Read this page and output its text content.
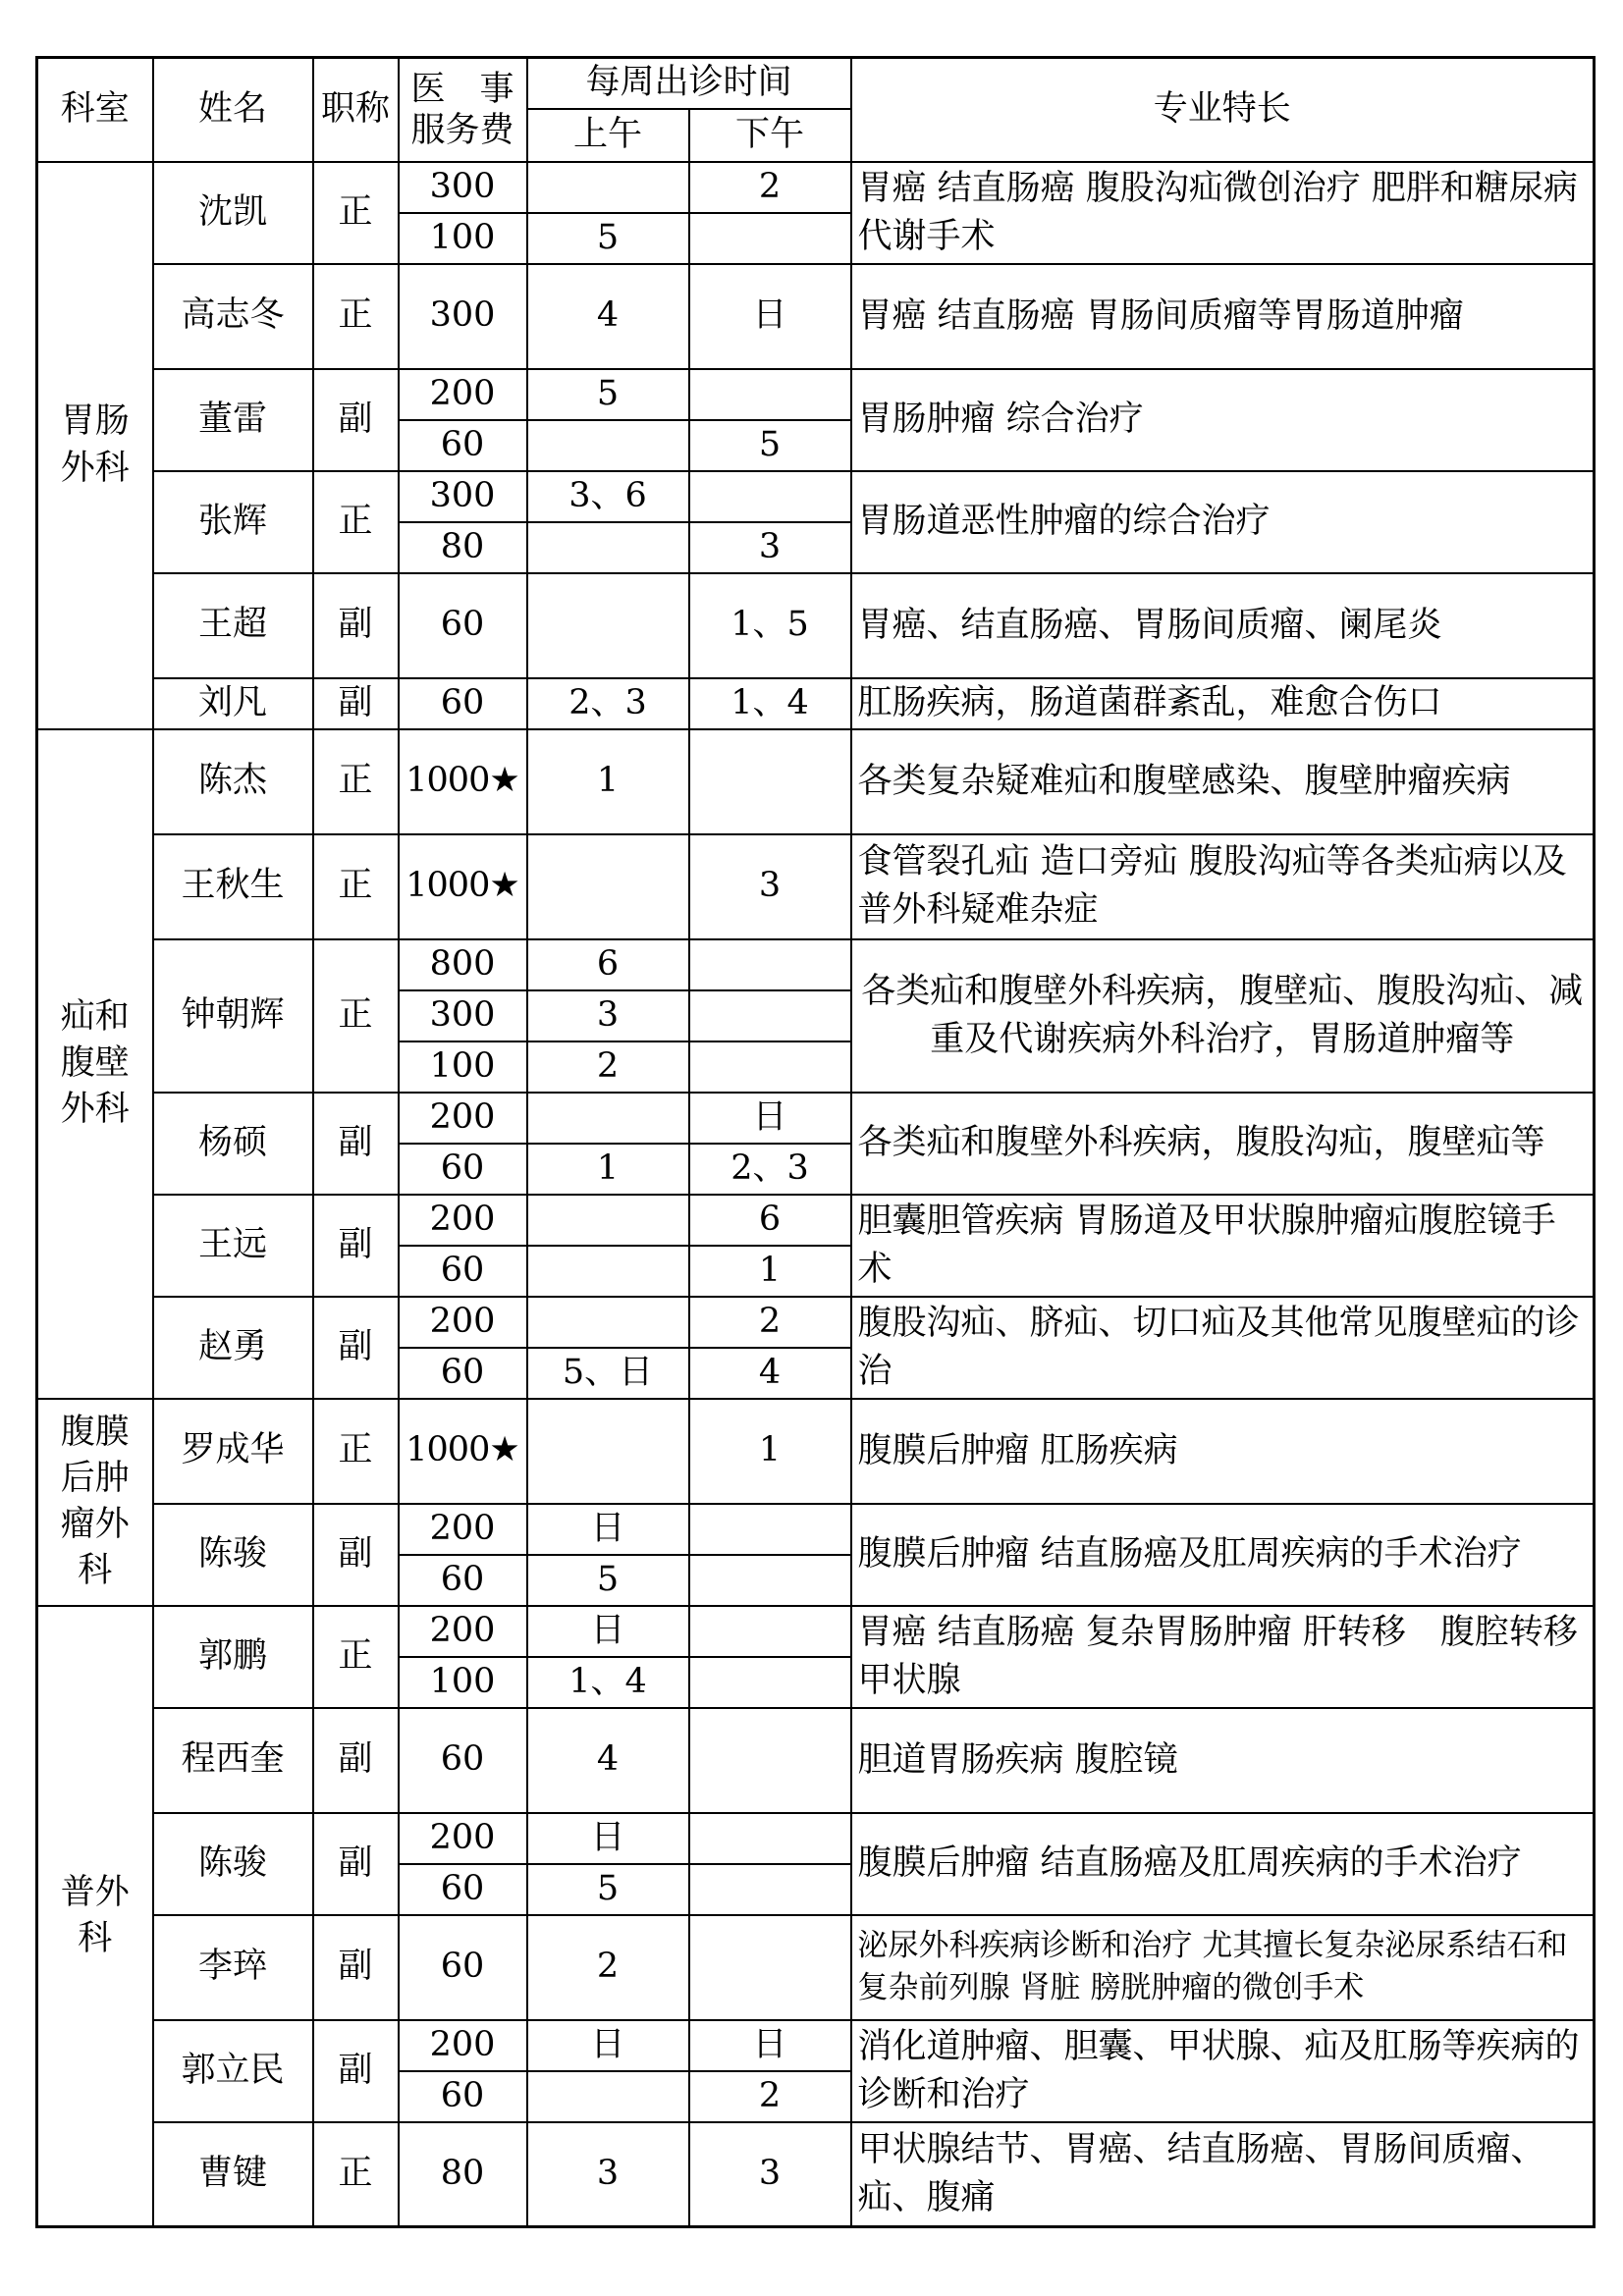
科室	姓名	职称	医　事
服务费	每周出诊时间		专业特长
				上午	下午	

胃肠
外科	沈凯	正	300		2	胃癌 结直肠癌 腹股沟疝微创治疗 肥胖和糖尿病代谢手术
			100	5		
	高志冬	正	300	4	日	胃癌 结直肠癌 胃肠间质瘤等胃肠道肿瘤
	董雷	副	200	5		胃肠肿瘤 综合治疗
			60		5	
	张辉	正	300	3、6		胃肠道恶性肿瘤的综合治疗
			80		3	
	王超	副	60		1、5	胃癌、结直肠癌、胃肠间质瘤、阑尾炎
	刘凡	副	60	2、3	1、4	肛肠疾病，肠道菌群紊乱，难愈合伤口

疝和
腹壁
外科	陈杰	正	1000★	1		各类复杂疑难疝和腹壁感染、腹壁肿瘤疾病
	王秋生	正	1000★		3	食管裂孔疝 造口旁疝 腹股沟疝等各类疝病以及普外科疑难杂症
	钟朝辉	正	800	6		各类疝和腹壁外科疾病，腹壁疝、腹股沟疝、减重及代谢疾病外科治疗，胃肠道肿瘤等
			300	3		
			100	2		
	杨硕	副	200		日	各类疝和腹壁外科疾病，腹股沟疝，腹壁疝等
			60	1	2、3	
	王远	副	200		6	胆囊胆管疾病 胃肠道及甲状腺肿瘤疝腹腔镜手术
			60		1	
	赵勇	副	200		2	腹股沟疝、脐疝、切口疝及其他常见腹壁疝的诊治
			60	5、日	4	

腹膜
后肿
瘤外
科	罗成华	正	1000★		1	腹膜后肿瘤 肛肠疾病
	陈骏	副	200	日		腹膜后肿瘤 结直肠癌及肛周疾病的手术治疗
			60	5		

普外
科	郭鹏	正	200	日		胃癌 结直肠癌 复杂胃肠肿瘤 肝转移　腹腔转移 甲状腺
			100	1、4		
	程西奎	副	60	4		胆道胃肠疾病 腹腔镜
	陈骏	副	200	日		腹膜后肿瘤 结直肠癌及肛周疾病的手术治疗
			60	5		
	李琗	副	60	2		泌尿外科疾病诊断和治疗 尤其擅长复杂泌尿系结石和复杂前列腺 肾脏 膀胱肿瘤的微创手术
	郭立民	副	200	日	日	消化道肿瘤、胆囊、甲状腺、疝及肛肠等疾病的诊断和治疗
			60		2	
	曹键	正	80	3	3	甲状腺结节、胃癌、结直肠癌、胃肠间质瘤、疝、腹痛
